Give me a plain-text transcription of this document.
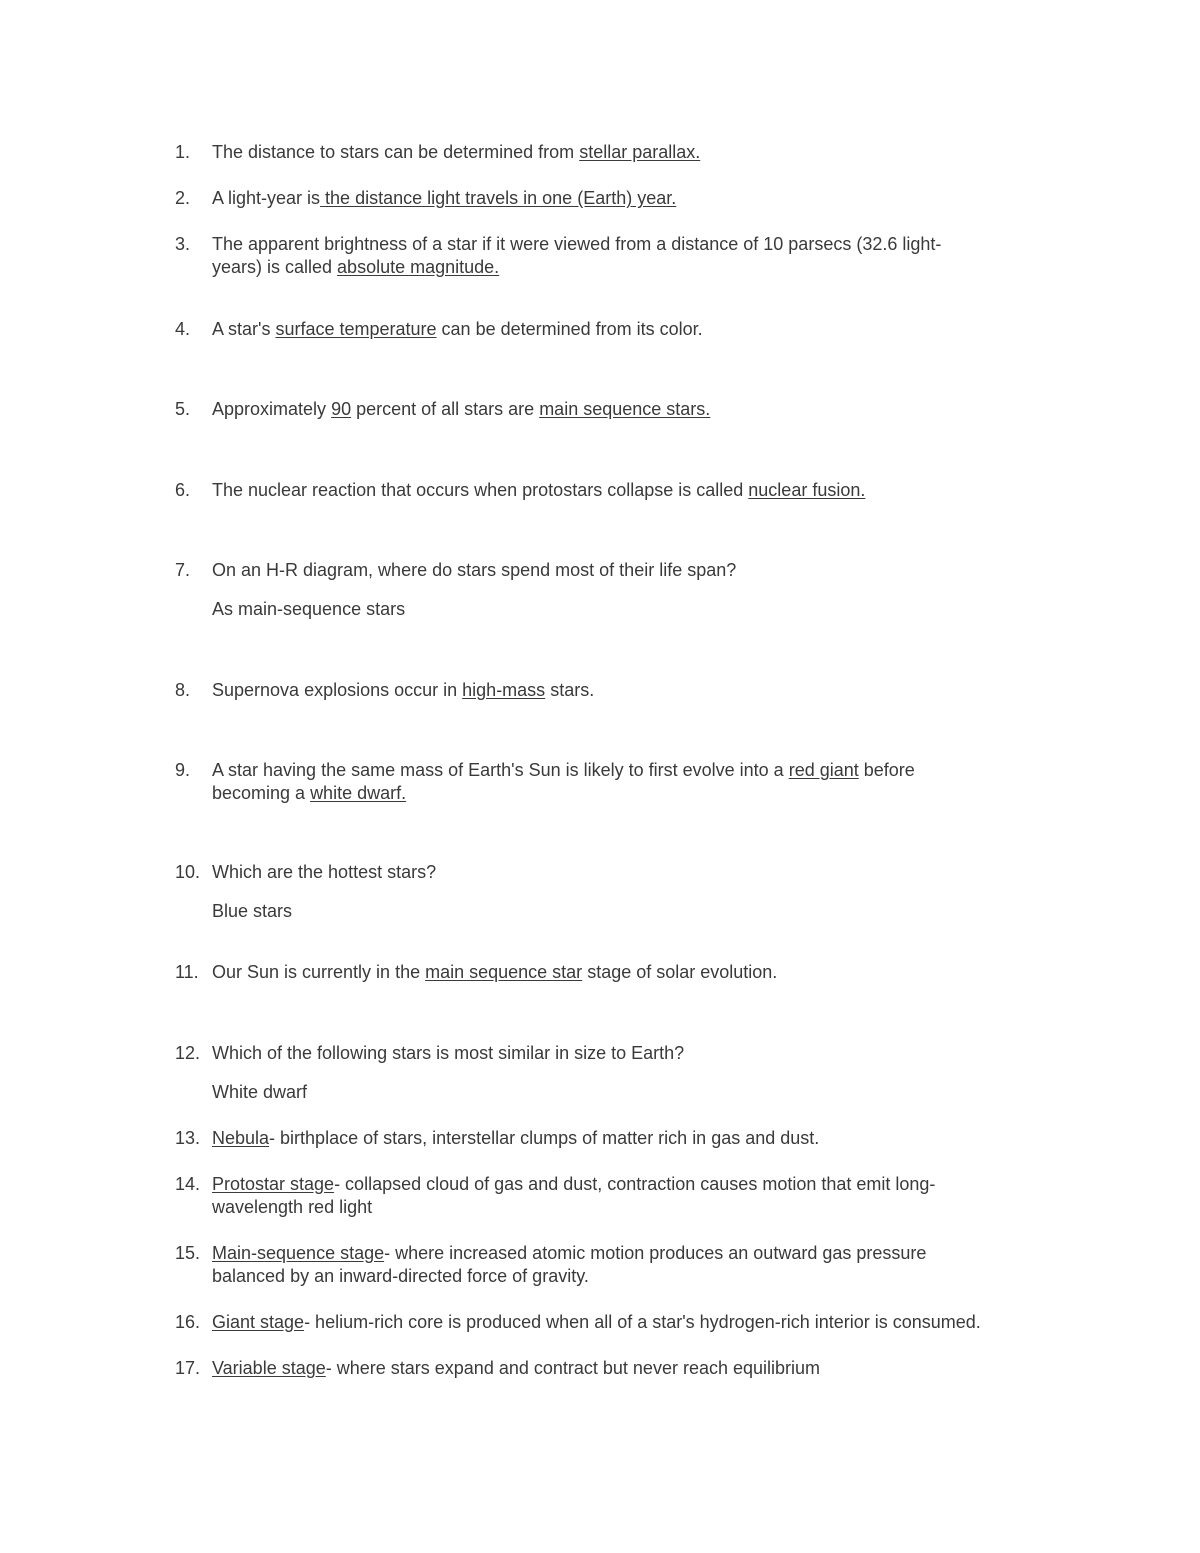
1.	The distance to stars can be determined from stellar parallax.
2.	A light-year is the distance light travels in one (Earth) year.
3.	The apparent brightness of a star if it were viewed from a distance of 10 parsecs (32.6 light-
years) is called absolute magnitude.
4.	A star's surface temperature can be determined from its color.
5.	Approximately 90 percent of all stars are main sequence stars.
6.	The nuclear reaction that occurs when protostars collapse is called nuclear fusion.
7.	On an H-R diagram, where do stars spend most of their life span?
As main-sequence stars
8.	Supernova explosions occur in high-mass stars.
9.	A star having the same mass of Earth's Sun is likely to first evolve into a red giant before
becoming a white dwarf.
10. Which are the hottest stars?
Blue stars
11. Our Sun is currently in the main sequence star stage of solar evolution.
12. Which of the following stars is most similar in size to Earth?
White dwarf
13. Nebula- birthplace of stars, interstellar clumps of matter rich in gas and dust.
14. Protostar stage- collapsed cloud of gas and dust, contraction causes motion that emit long-
wavelength red light
15. Main-sequence stage- where increased atomic motion produces an outward gas pressure
balanced by an inward-directed force of gravity.
16. Giant stage- helium-rich core is produced when all of a star's hydrogen-rich interior is consumed.
17. Variable stage- where stars expand and contract but never reach equilibrium
